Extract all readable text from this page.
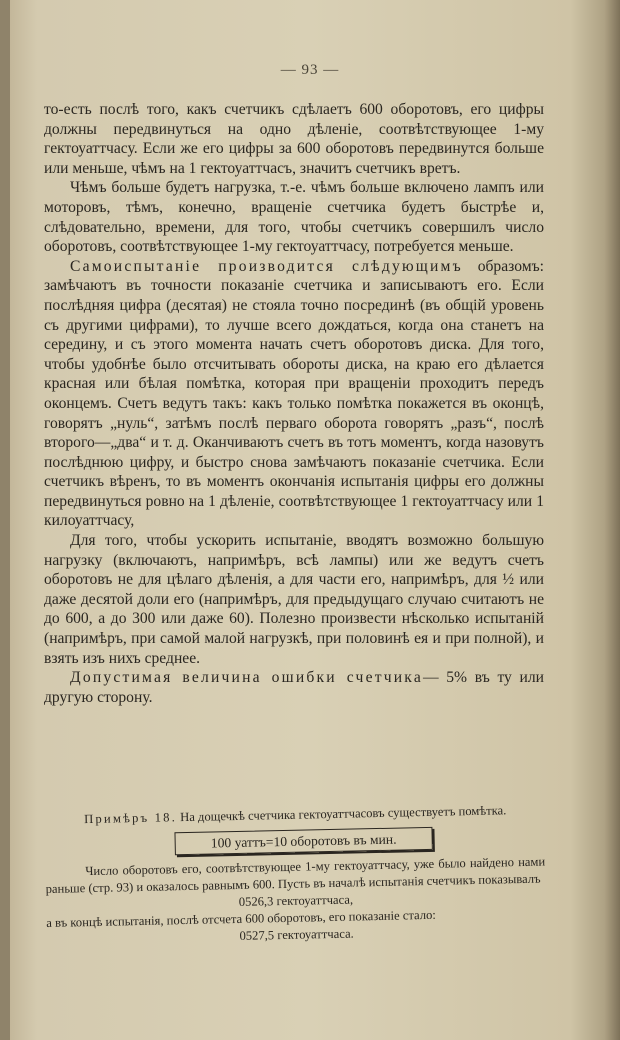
— 93 —

то-есть послѣ того, какъ счетчикъ сдѣлаетъ 600 оборотовъ, его цифры должны передвинуться на одно дѣленіе, соотвѣтствующее 1-му гектоуаттчасу. Если же его цифры за 600 оборотовъ передвинутся больше или меньше, чѣмъ на 1 гектоуаттчасъ, значитъ счетчикъ вретъ.

Чѣмъ больше будетъ нагрузка, т.-е. чѣмъ больше включено лампъ или моторовъ, тѣмъ, конечно, вращеніе счетчика будетъ быстрѣе и, слѣдовательно, времени, для того, чтобы счетчикъ совершилъ число оборотовъ, соотвѣтствующее 1-му гектоуаттчасу, потребуется меньше.

Самоиспытаніе производится слѣдующимъ образомъ: замѣчаютъ въ точности показаніе счетчика и записываютъ его. Если послѣдняя цифра (десятая) не стояла точно посрединѣ (въ общій уровень съ другими цифрами), то лучше всего дождаться, когда она станетъ на середину, и съ этого момента начать счетъ оборотовъ диска. Для того, чтобы удобнѣе было отсчитывать обороты диска, на краю его дѣлается красная или бѣлая помѣтка, которая при вращеніи проходитъ передъ оконцемъ. Счетъ ведутъ такъ: какъ только помѣтка покажется въ оконцѣ, говорятъ „нуль“, затѣмъ послѣ перваго оборота говорятъ „разъ“, послѣ второго—„два“ и т. д. Оканчиваютъ счетъ въ тотъ моментъ, когда назовутъ послѣднюю цифру, и быстро снова замѣчаютъ показаніе счетчика. Если счетчикъ вѣренъ, то въ моментъ окончанія испытанія цифры его должны передвинуться ровно на 1 дѣленіе, соотвѣтствующее 1 гектоуаттчасу или 1 килоуаттчасу,

Для того, чтобы ускорить испытаніе, вводятъ возможно большую нагрузку (включаютъ, напримѣръ, всѣ лампы) или же ведутъ счетъ оборотовъ не для цѣлаго дѣленія, а для части его, напримѣръ, для ½ или даже десятой доли его (напримѣръ, для предыдущаго случаю считаютъ не до 600, а до 300 или даже 60). Полезно произвести нѣсколько испытаній (напримѣръ, при самой малой нагрузкѣ, при половинѣ ея и при полной), и взять изъ нихъ среднее.

Допустимая величина ошибки счетчика— 5% въ ту или другую сторону.

Примѣръ 18. На дощечкѣ счетчика гектоуаттчасовъ существуетъ помѣтка.

100 уаттъ=10 оборотовъ въ мин.

Число оборотовъ его, соотвѣтствующее 1-му гектоуаттчасу, уже было найдено нами раньше (стр. 93) и оказалось равнымъ 600. Пусть въ началѣ испытанія счетчикъ показывалъ

0526,3 гектоуаттчаса,

а въ концѣ испытанія, послѣ отсчета 600 оборотовъ, его показаніе стало:

0527,5 гектоуаттчаса.
